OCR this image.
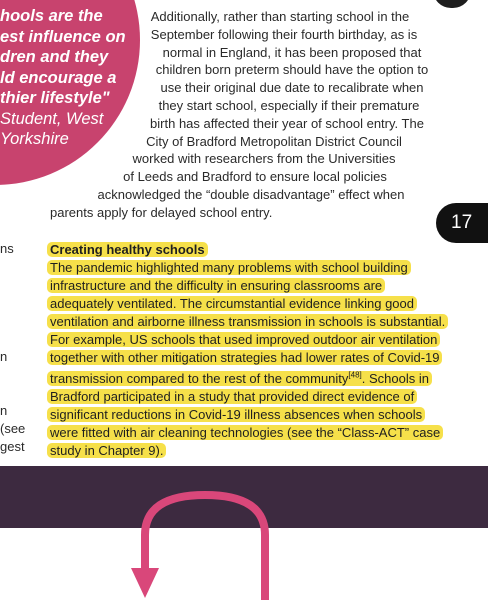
hools are the
est influence on
dren and they
ld encourage a
thier lifestyle"
Student, West
Yorkshire
Additionally, rather than starting school in the
September following their fourth birthday, as is
normal in England, it has been proposed that
children born preterm should have the option to
use their original due date to recalibrate when
they start school, especially if their premature
birth has affected their year of school entry. The
City of Bradford Metropolitan District Council
worked with researchers from the Universities
of Leeds and Bradford to ensure local policies
acknowledged the “double disadvantage” effect when
parents apply for delayed school entry.	17
ns
n
n
(see
gest
Creating healthy schools
The pandemic highlighted many problems with school building
infrastructure and the difficulty in ensuring classrooms are
adequately ventilated. The circumstantial evidence linking good
ventilation and airborne illness transmission in schools is substantial.
For example, US schools that used improved outdoor air ventilation
together with other mitigation strategies had lower rates of Covid-19
transmission compared to the rest of the community[48]. Schools in
Bradford participated in a study that provided direct evidence of
significant reductions in Covid-19 illness absences when schools
were fitted with air cleaning technologies (see the “Class-ACT” case
study in Chapter 9).
